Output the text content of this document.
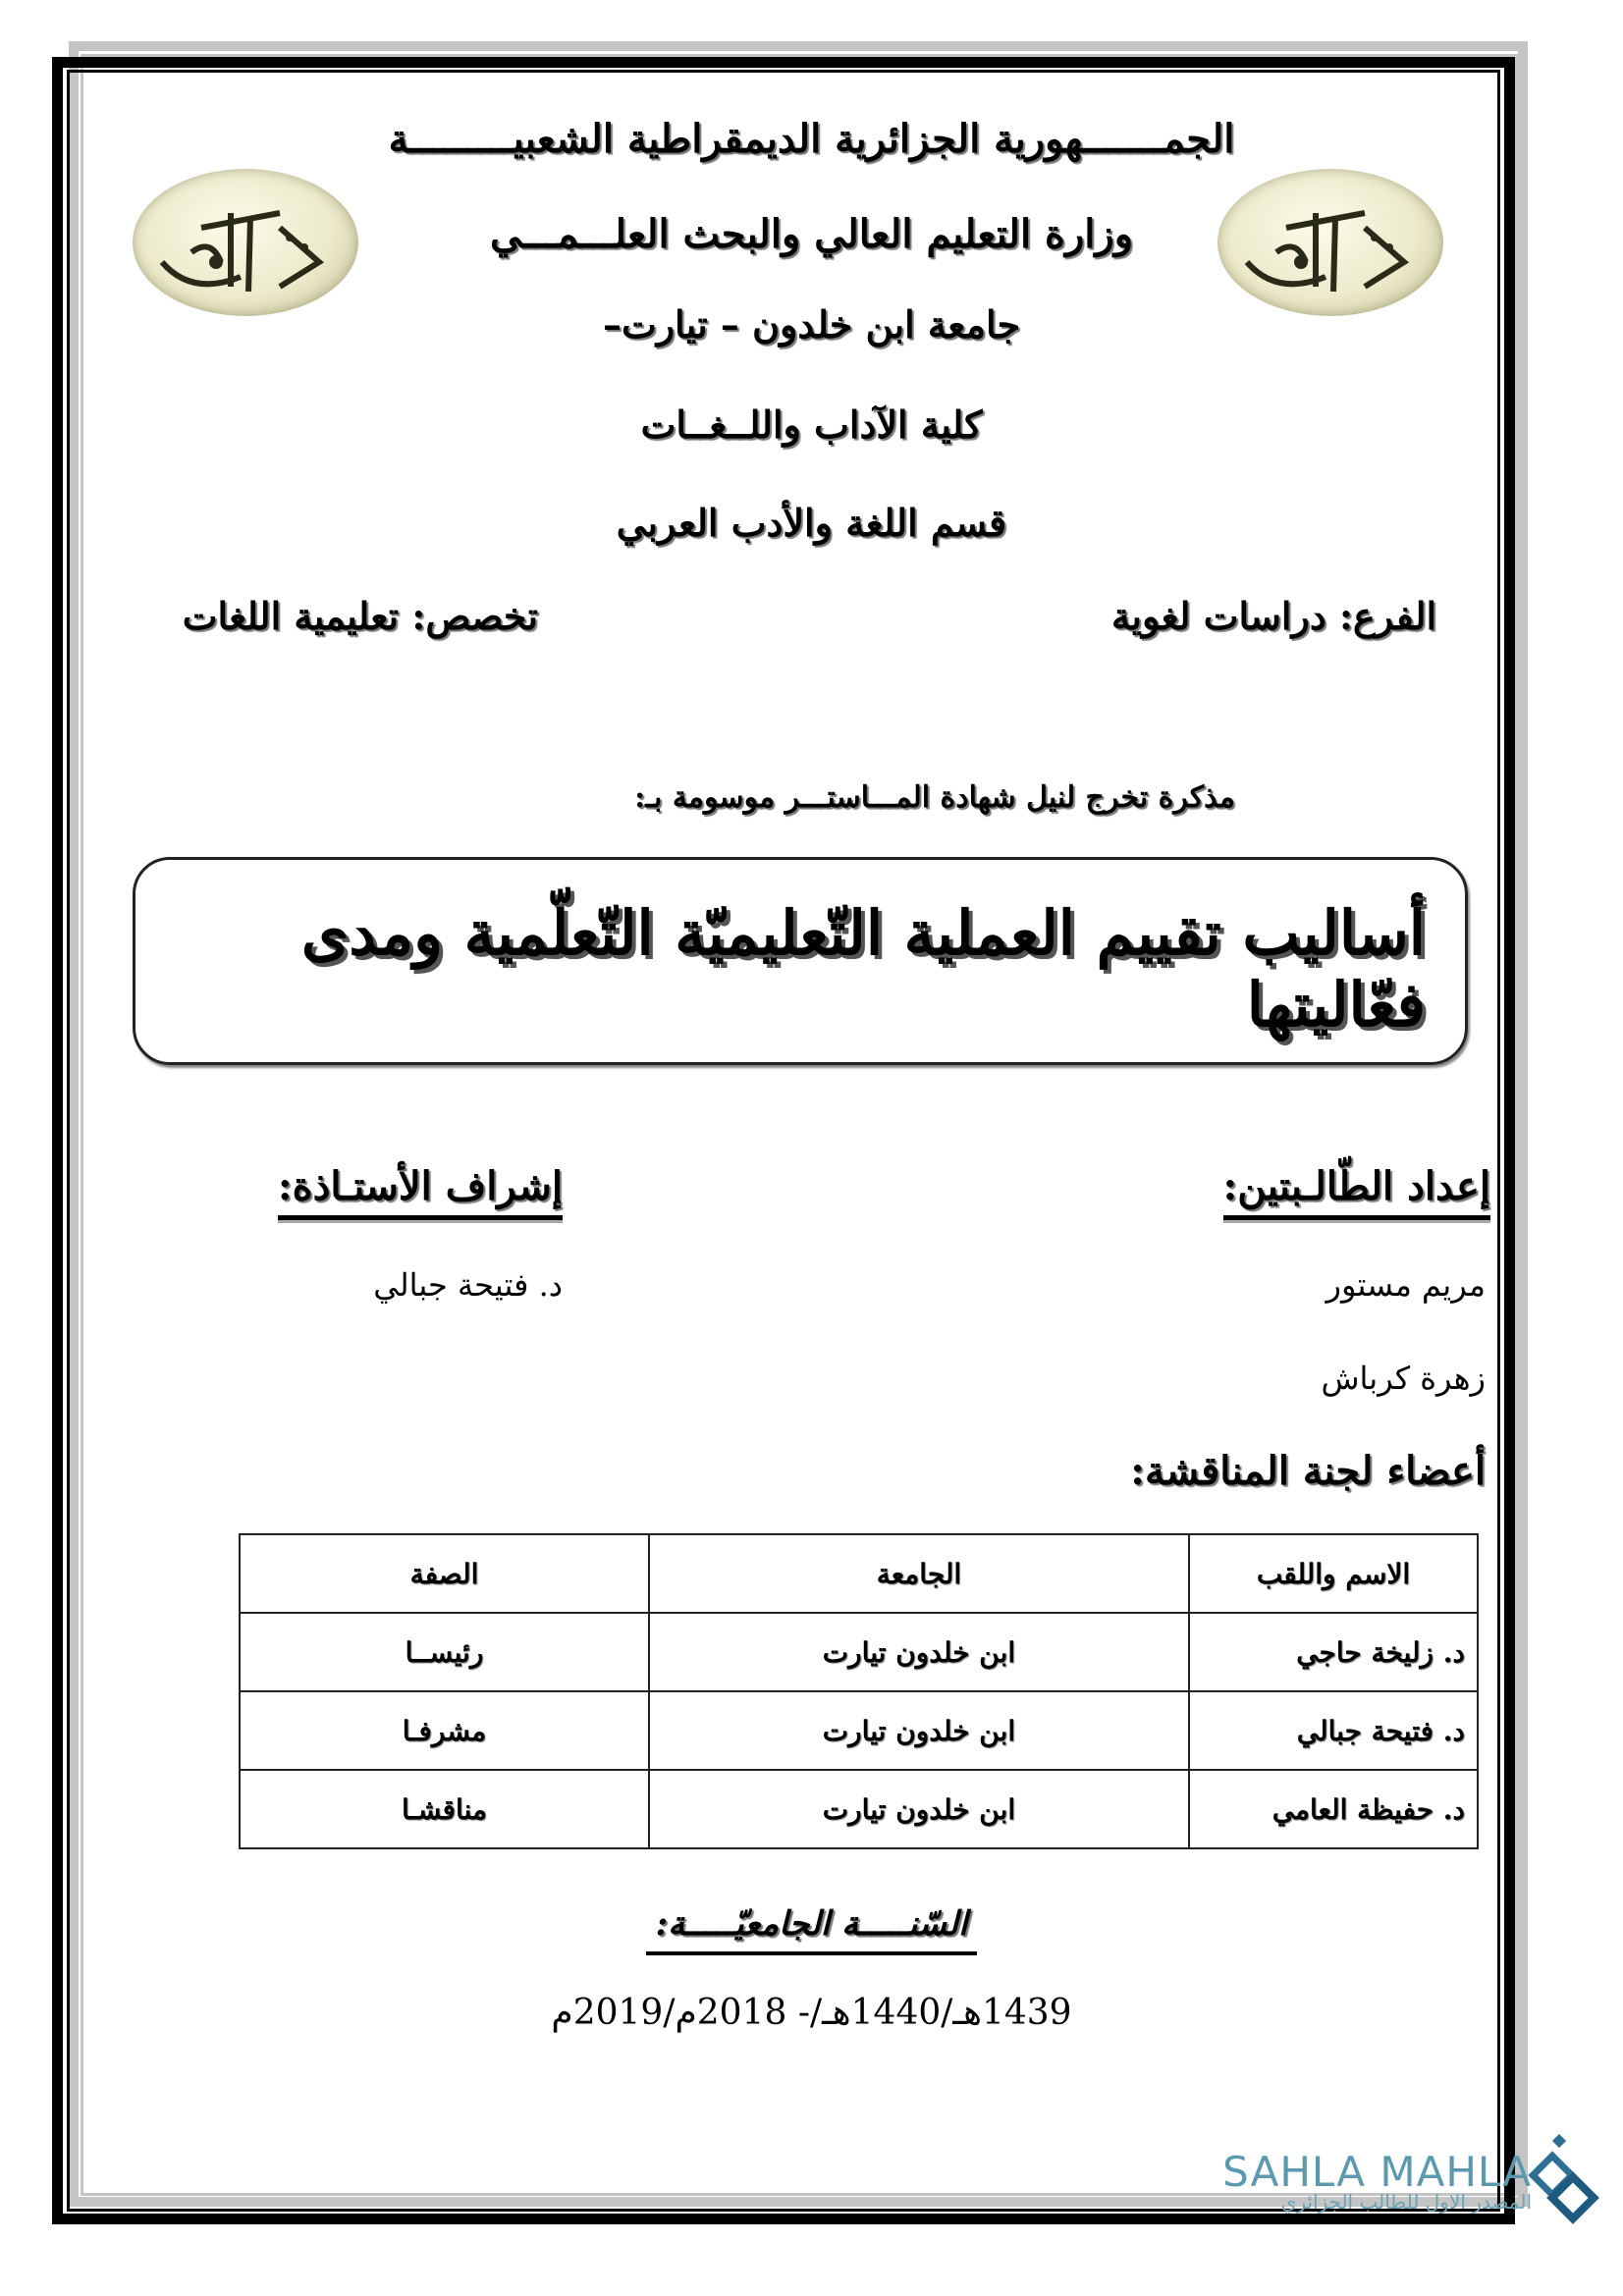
الجمـــــــهورية الجزائرية الديمقراطية الشعبيـــــــــة
وزارة التعليم العالي والبحث العلـــمـــي
جامعة ابن خلدون – تيارت–
كلية الآداب واللــغــات
قسم اللغة والأدب العربي
الفرع: دراسات لغوية
تخصص: تعليمية اللغات
مذكرة تخرج لنيل شهادة المـــاستـــر موسومة بـ:
أساليب تقييم العملية التّعليميّة التّعلّمية ومدى فعّاليتها
إعداد الطّالـبتين:
إشراف الأستـاذة:
مريم مستور
زهرة كرباش
د. فتيحة جبالي
أعضاء لجنة المناقشة:
الاسم واللقب	الجامعة	الصفة
د. زليخة حاجي	ابن خلدون تيارت	رئيســا
د. فتيحة جبالي	ابن خلدون تيارت	مشرفـا
د. حفيظة العامي	ابن خلدون تيارت	مناقشـا
السّنـــــة الجامعيّـــــة:
1439هـ/1440هـ/- 2018م/2019م
SAHLA MAHLA
المصدر الاول للطالب الجزائري
